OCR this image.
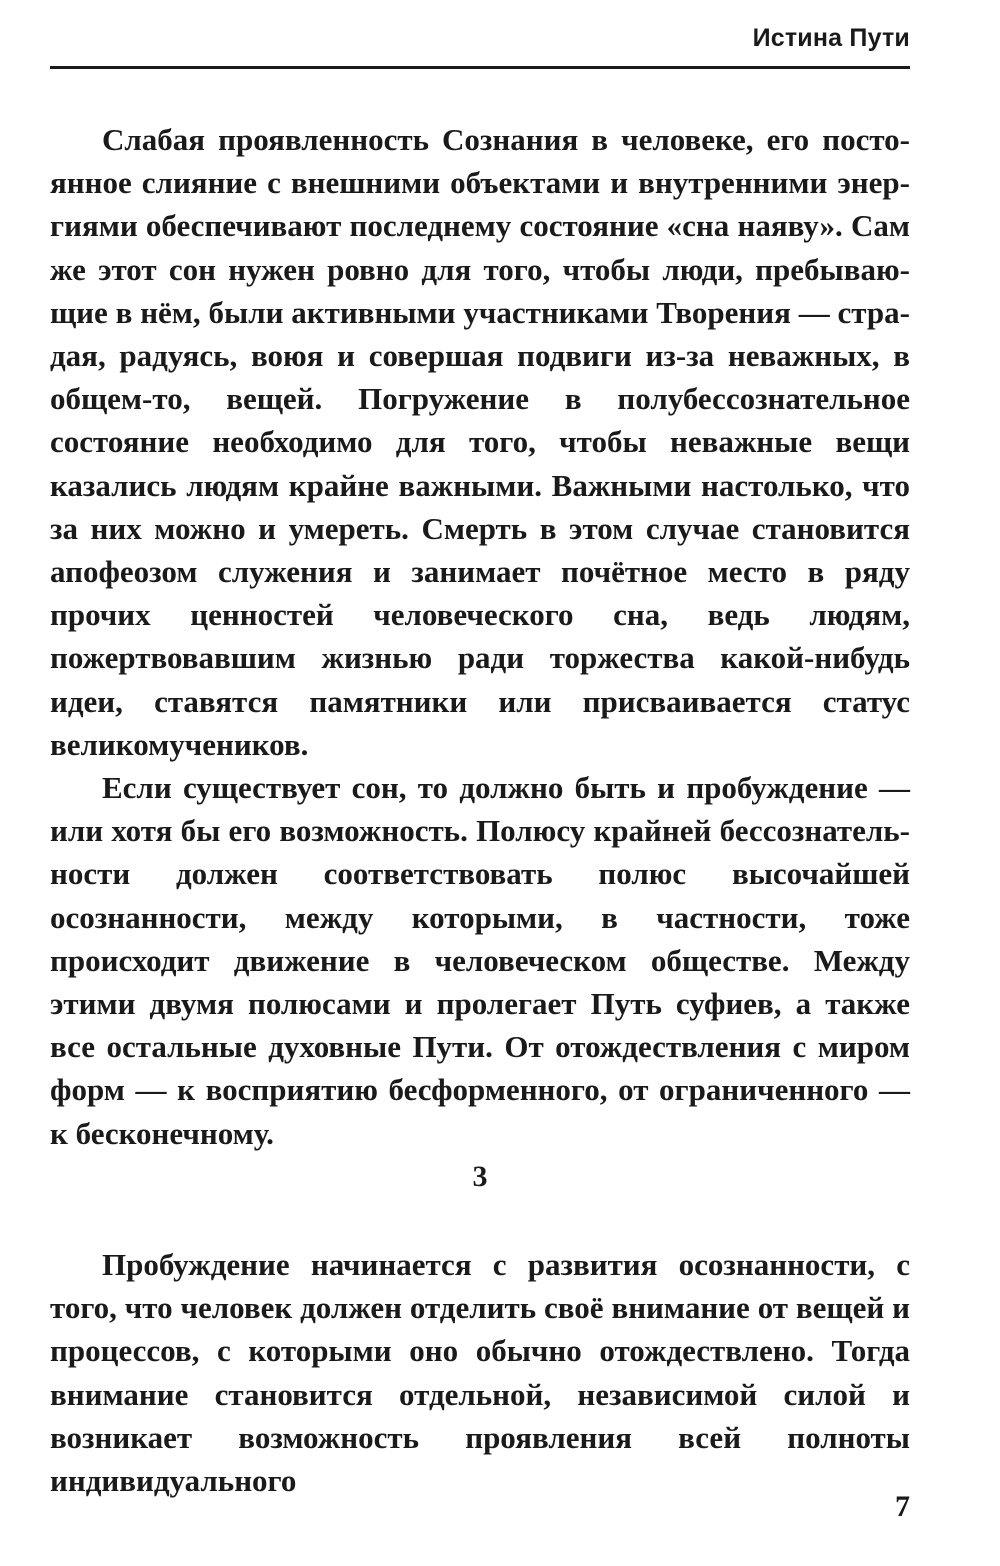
Истина Пути

Слабая проявленность Сознания в человеке, его постоянное слияние с внешними объектами и внутренними энергиями обеспечивают последнему состояние «сна наяву». Сам же этот сон нужен ровно для того, чтобы люди, пребывающие в нём, были активными участниками Творения — страдая, радуясь, воюя и совершая подвиги из-за неважных, в общем-то, вещей. Погружение в полубессознательное состояние необходимо для того, чтобы неважные вещи казались людям крайне важными. Важными настолько, что за них можно и умереть. Смерть в этом случае становится апофеозом служения и занимает почётное место в ряду прочих ценностей человеческого сна, ведь людям, пожертвовавшим жизнью ради торжества какой-нибудь идеи, ставятся памятники или присваивается статус великомучеников.

Если существует сон, то должно быть и пробуждение — или хотя бы его возможность. Полюсу крайней бессознательности должен соответствовать полюс высочайшей осознанности, между которыми, в частности, тоже происходит движение в человеческом обществе. Между этими двумя полюсами и пролегает Путь суфиев, а также все остальные духовные Пути. От отождествления с миром форм — к восприятию бесформенного, от ограниченного — к бесконечному.

3

Пробуждение начинается с развития осознанности, с того, что человек должен отделить своё внимание от вещей и процессов, с которыми оно обычно отождествлено. Тогда внимание становится отдельной, независимой силой и возникает возможность проявления всей полноты индивидуального

7
